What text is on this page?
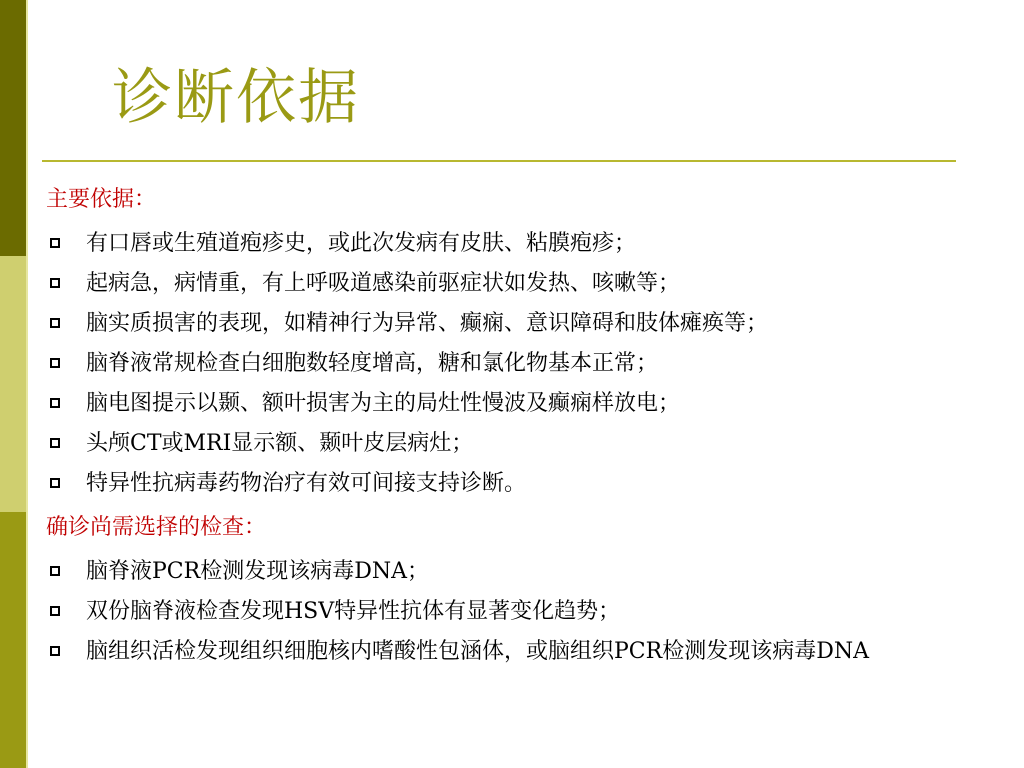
诊断依据
主要依据：
有口唇或生殖道疱疹史，或此次发病有皮肤、粘膜疱疹；
起病急，病情重，有上呼吸道感染前驱症状如发热、咳嗽等；
脑实质损害的表现，如精神行为异常、癫痫、意识障碍和肢体瘫痪等；
脑脊液常规检查白细胞数轻度增高，糖和氯化物基本正常；
脑电图提示以颞、额叶损害为主的局灶性慢波及癫痫样放电；
头颅CT或MRI显示额、颞叶皮层病灶；
特异性抗病毒药物治疗有效可间接支持诊断。
确诊尚需选择的检查：
脑脊液PCR检测发现该病毒DNA；
双份脑脊液检查发现HSV特异性抗体有显著变化趋势；
脑组织活检发现组织细胞核内嗜酸性包涵体，或脑组织PCR检测发现该病毒DNA
